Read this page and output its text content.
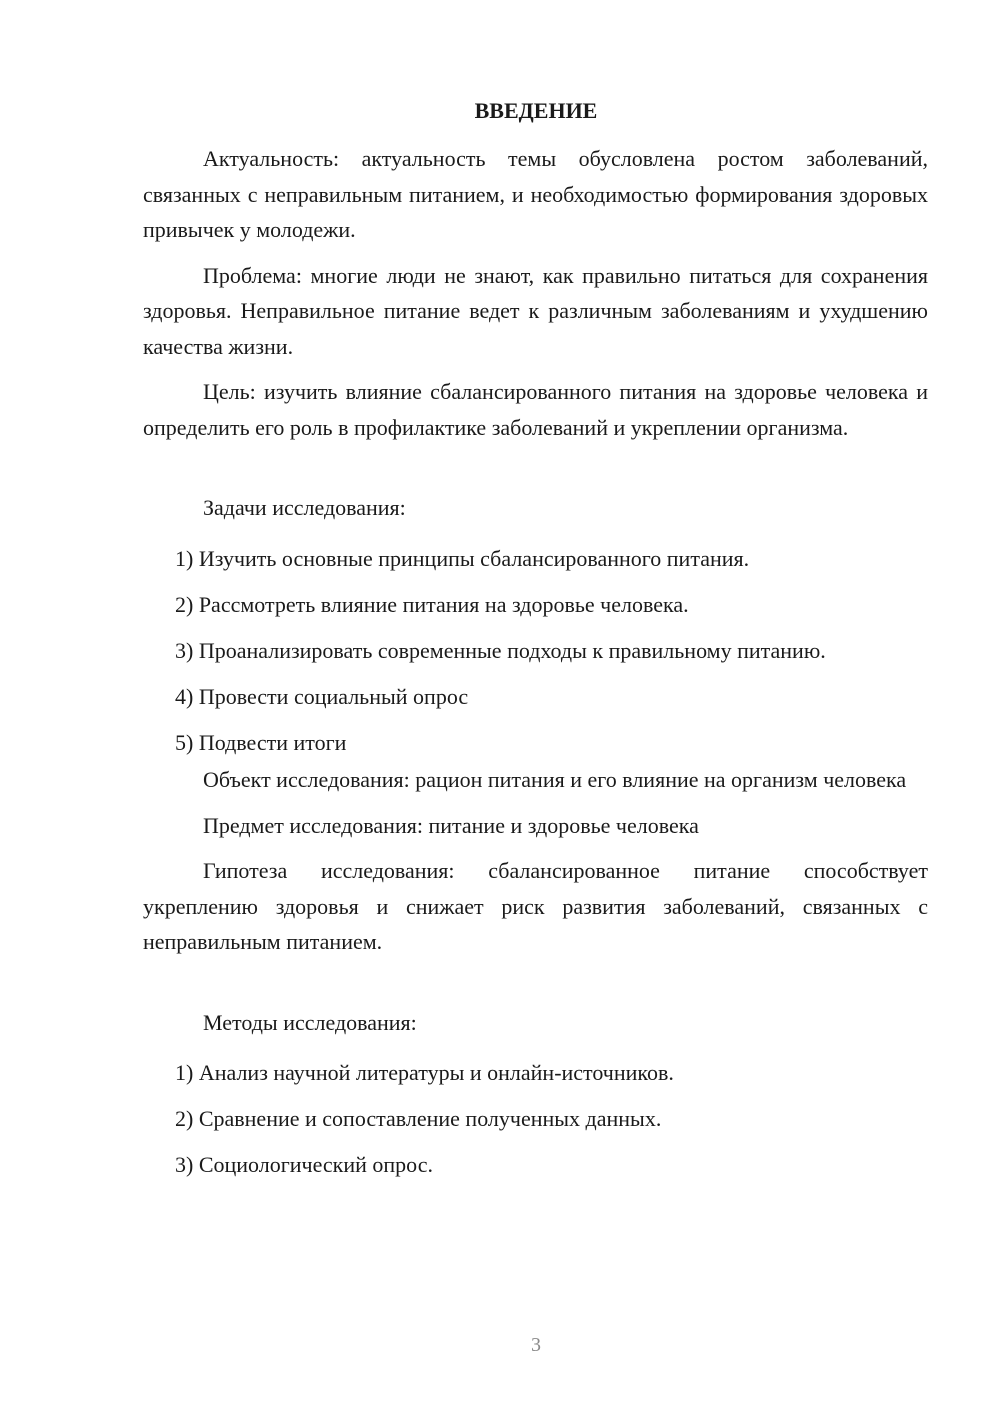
ВВЕДЕНИЕ

Актуальность: актуальность темы обусловлена ростом заболеваний, связанных с неправильным питанием, и необходимостью формирования здоровых привычек у молодежи.

Проблема: многие люди не знают, как правильно питаться для сохранения здоровья. Неправильное питание ведет к различным заболеваниям и ухудшению качества жизни.

Цель: изучить влияние сбалансированного питания на здоровье человека и определить его роль в профилактике заболеваний и укреплении организма.

Задачи исследования:

1) Изучить основные принципы сбалансированного питания.

2) Рассмотреть влияние питания на здоровье человека.

3) Проанализировать современные подходы к правильному питанию.

4) Провести социальный опрос

5) Подвести итоги

Объект исследования: рацион питания и его влияние на организм человека

Предмет исследования: питание и здоровье человека

Гипотеза исследования: сбалансированное питание способствует укреплению здоровья и снижает риск развития заболеваний, связанных с неправильным питанием.

Методы исследования:

1) Анализ научной литературы и онлайн-источников.

2) Сравнение и сопоставление полученных данных.

3) Социологический опрос.

3
